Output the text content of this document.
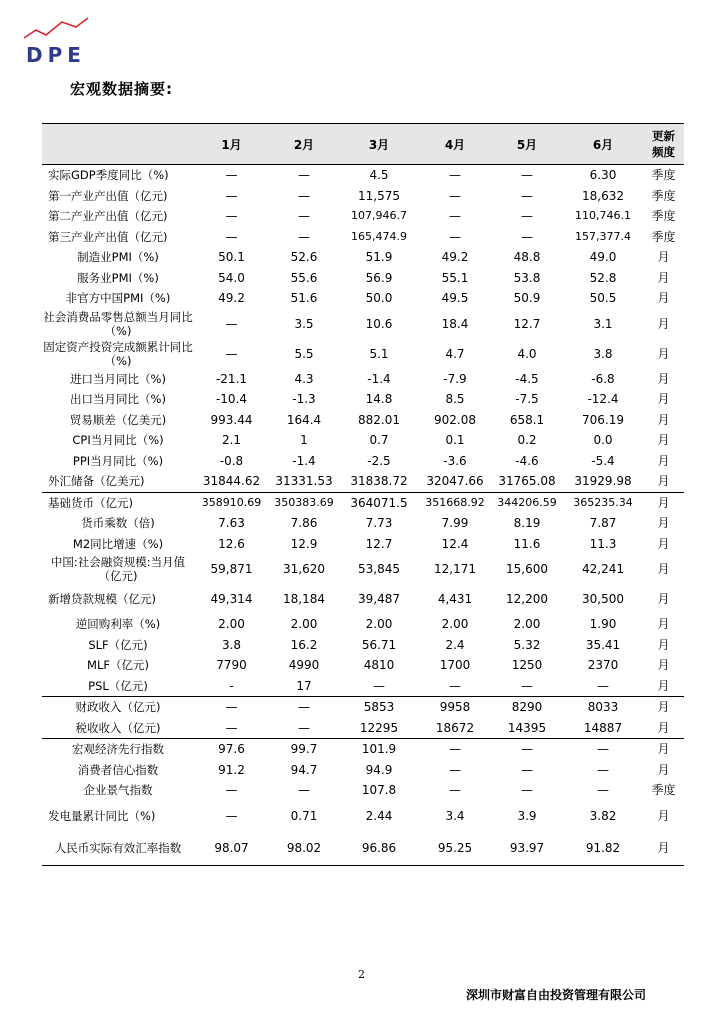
DPE
宏观数据摘要:
	1月	2月	3月	4月	5月	6月	更新
频度
实际GDP季度同比（%)	—	—	4.5	—	—	6.30	季度
第一产业产出值（亿元)	—	—	11,575	—	—	18,632	季度
第二产业产出值（亿元)	—	—	107,946.7	—	—	110,746.1	季度
第三产业产出值（亿元)	—	—	165,474.9	—	—	157,377.4	季度
制造业PMI（%)	50.1	52.6	51.9	49.2	48.8	49.0	月
服务业PMI（%)	54.0	55.6	56.9	55.1	53.8	52.8	月
非官方中国PMI（%)	49.2	51.6	50.0	49.5	50.9	50.5	月
社会消费品零售总额当月同比（%)	—	3.5	10.6	18.4	12.7	3.1	月
固定资产投资完成额累计同比（%)	—	5.5	5.1	4.7	4.0	3.8	月
进口当月同比（%)	-21.1	4.3	-1.4	-7.9	-4.5	-6.8	月
出口当月同比（%)	-10.4	-1.3	14.8	8.5	-7.5	-12.4	月
贸易顺差（亿美元)	993.44	164.4	882.01	902.08	658.1	706.19	月
CPI当月同比（%)	2.1	1	0.7	0.1	0.2	0.0	月
PPI当月同比（%)	-0.8	-1.4	-2.5	-3.6	-4.6	-5.4	月
外汇储备（亿美元)	31844.62	31331.53	31838.72	32047.66	31765.08	31929.98	月
基础货币（亿元)	358910.69	350383.69	364071.5	351668.92	344206.59	365235.34	月
货币乘数（倍)	7.63	7.86	7.73	7.99	8.19	7.87	月
M2同比增速（%)	12.6	12.9	12.7	12.4	11.6	11.3	月
中国:社会融资规模:当月值（亿元)	59,871	31,620	53,845	12,171	15,600	42,241	月
新增贷款规模（亿元)	49,314	18,184	39,487	4,431	12,200	30,500	月
逆回购利率（%)	2.00	2.00	2.00	2.00	2.00	1.90	月
SLF（亿元)	3.8	16.2	56.71	2.4	5.32	35.41	月
MLF（亿元)	7790	4990	4810	1700	1250	2370	月
PSL（亿元)	-	17	—	—	—	—	月
财政收入（亿元)	—	—	5853	9958	8290	8033	月
税收收入（亿元)	—	—	12295	18672	14395	14887	月
宏观经济先行指数	97.6	99.7	101.9	—	—	—	月
消费者信心指数	91.2	94.7	94.9	—	—	—	月
企业景气指数	—	—	107.8	—	—	—	季度
发电量累计同比（%)	—	0.71	2.44	3.4	3.9	3.82	月
人民币实际有效汇率指数	98.07	98.02	96.86	95.25	93.97	91.82	月
2
深圳市财富自由投资管理有限公司
